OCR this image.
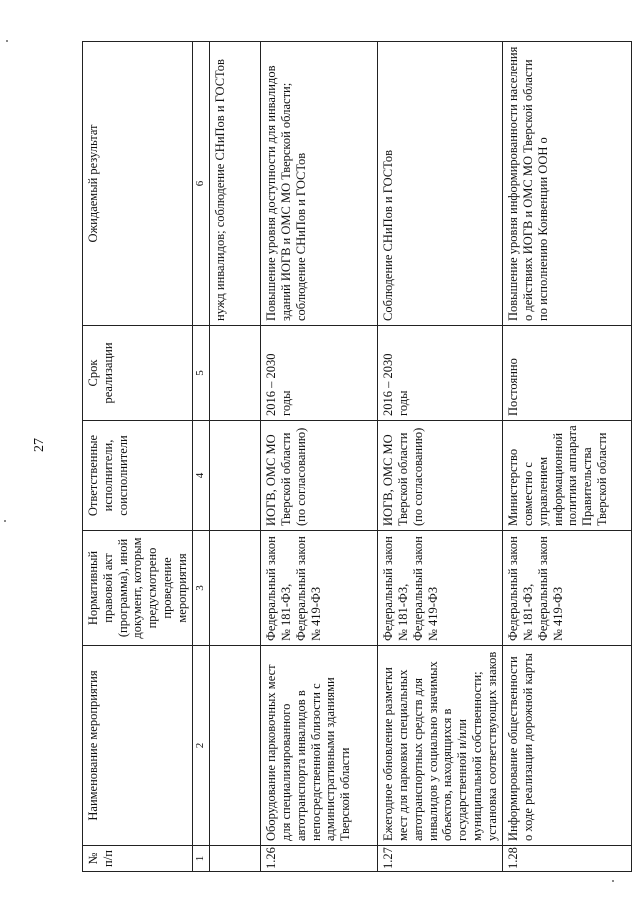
27
№ п/п	Наименование мероприятия	Нормативный правовой акт (программа), иной документ, которым предусмотрено проведение мероприятия	Ответственные исполнители, соисполнители	Срок реализации	Ожидаемый результат
1	2	3	4	5	6
					нужд инвалидов; соблюдение СНиПов и ГОСТов
1.26	Оборудование парковочных мест для специализированного автотранспорта инвалидов в непосредственной близости с административными зданиями Тверской области	Федеральный закон № 181-ФЗ, Федеральный закон № 419-ФЗ	ИОГВ, ОМС МО Тверской области (по согласованию)	2016 – 2030 годы	Повышение уровня доступности для инвалидов зданий ИОГВ и ОМС МО Тверской области; соблюдение СНиПов и ГОСТов
1.27	Ежегодное обновление разметки мест для парковки специальных автотранспортных средств для инвалидов у социально значимых объектов, находящихся в государственной и/или муниципальной собственности; установка соответствующих знаков	Федеральный закон № 181-ФЗ, Федеральный закон № 419-ФЗ	ИОГВ, ОМС МО Тверской области (по согласованию)	2016 – 2030 годы	Соблюдение СНиПов и ГОСТов
1.28	Информирование общественности о ходе реализации дорожной карты	Федеральный закон № 181-ФЗ, Федеральный закон № 419-ФЗ	Министерство совместно с управлением информационной политики аппарата Правительства Тверской области	Постоянно	Повышение уровня информированности населения о действиях ИОГВ и ОМС МО Тверской области по исполнению Конвенции ООН о
